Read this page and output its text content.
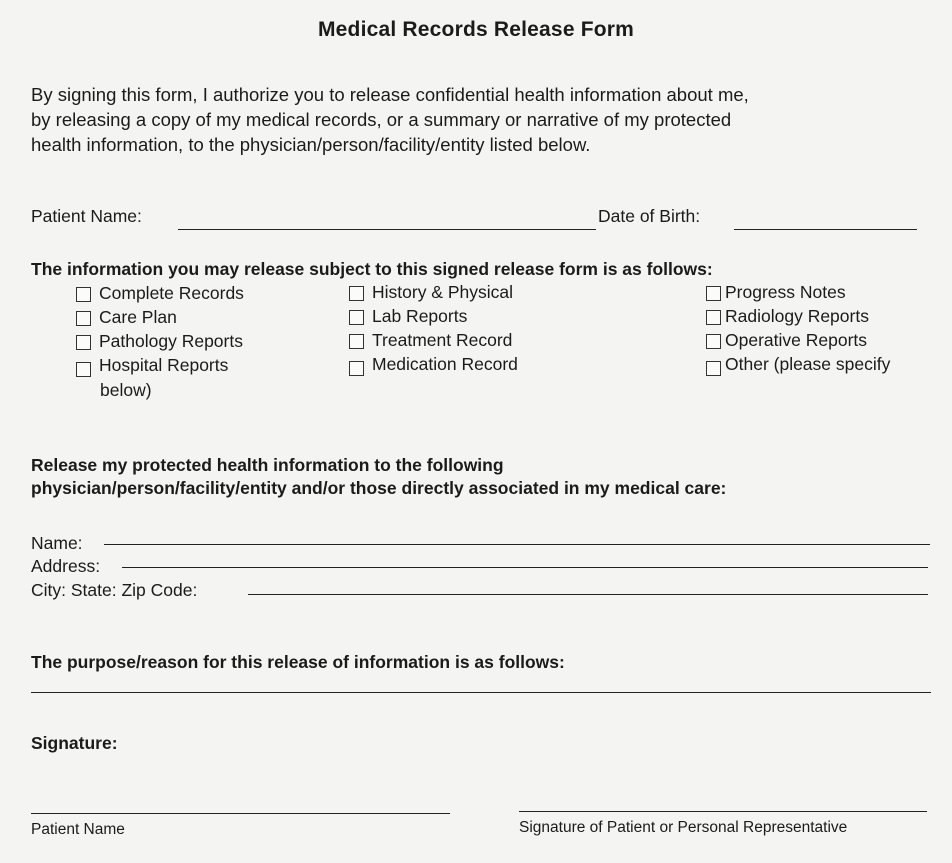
Medical Records Release Form
By signing this form, I authorize you to release confidential health information about me,
by releasing a copy of my medical records, or a summary or narrative of my protected
health information, to the physician/person/facility/entity listed below.
Patient Name:	Date of Birth:
The information you may release subject to this signed release form is as follows:
Complete Records
Care Plan
Pathology Reports
Hospital Reports
below)
History & Physical
Lab Reports
Treatment Record
Medication Record
Progress Notes
Radiology Reports
Operative Reports
Other (please specify
Release my protected health information to the following
physician/person/facility/entity and/or those directly associated in my medical care:
Name:
Address:
City: State: Zip Code:
The purpose/reason for this release of information is as follows:
Signature:
Patient Name	Signature of Patient or Personal Representative
